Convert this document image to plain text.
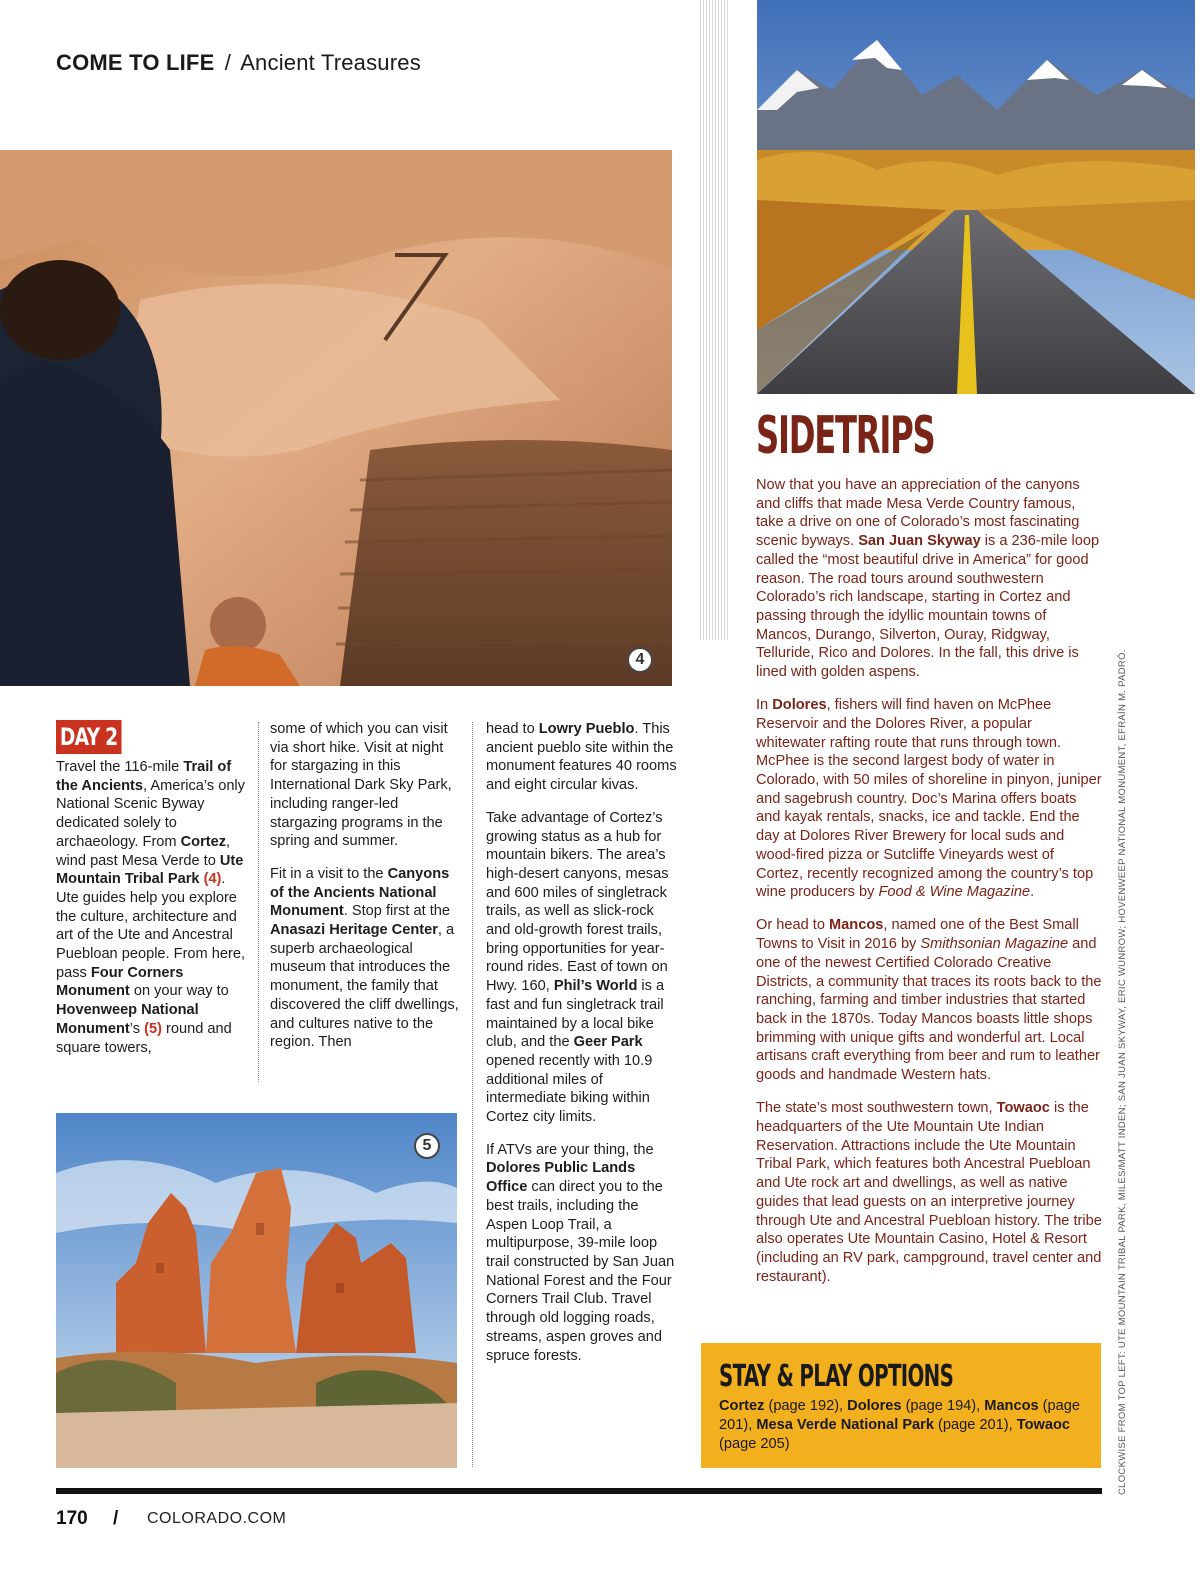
COME TO LIFE / Ancient Treasures
4
DAY 2

Travel the 116-mile Trail of the Ancients, America’s only National Scenic Byway dedicated solely to archaeology. From Cortez, wind past Mesa Verde to Ute Mountain Tribal Park (4). Ute guides help you explore the culture, architecture and art of the Ute and Ancestral Puebloan people. From here, pass Four Corners Monument on your way to Hovenweep National Monument’s (5) round and square towers,

some of which you can visit via short hike. Visit at night for stargazing in this International Dark Sky Park, including ranger-led stargazing programs in the spring and summer.

Fit in a visit to the Canyons of the Ancients National Monument. Stop first at the Anasazi Heritage Center, a superb archaeological museum that introduces the monument, the family that discovered the cliff dwellings, and cultures native to the region. Then

head to Lowry Pueblo. This ancient pueblo site within the monument features 40 rooms and eight circular kivas.

Take advantage of Cortez’s growing status as a hub for mountain bikers. The area’s high-desert canyons, mesas and 600 miles of singletrack trails, as well as slick-rock and old-growth forest trails, bring opportunities for year-round rides. East of town on Hwy. 160, Phil’s World is a fast and fun singletrack trail maintained by a local bike club, and the Geer Park opened recently with 10.9 additional miles of intermediate biking within Cortez city limits.

If ATVs are your thing, the Dolores Public Lands Office can direct you to the best trails, including the Aspen Loop Trail, a multipurpose, 39-mile loop trail constructed by San Juan National Forest and the Four Corners Trail Club. Travel through old logging roads, streams, aspen groves and spruce forests.

5
SIDETRIPS

Now that you have an appreciation of the canyons and cliffs that made Mesa Verde Country famous, take a drive on one of Colorado’s most fascinating scenic byways. San Juan Skyway is a 236-mile loop called the “most beautiful drive in America” for good reason. The road tours around southwestern Colorado’s rich landscape, starting in Cortez and passing through the idyllic mountain towns of Mancos, Durango, Silverton, Ouray, Ridgway, Telluride, Rico and Dolores. In the fall, this drive is lined with golden aspens.

In Dolores, fishers will find haven on McPhee Reservoir and the Dolores River, a popular whitewater rafting route that runs through town. McPhee is the second largest body of water in Colorado, with 50 miles of shoreline in pinyon, juniper and sagebrush country. Doc’s Marina offers boats and kayak rentals, snacks, ice and tackle. End the day at Dolores River Brewery for local suds and wood-fired pizza or Sutcliffe Vineyards west of Cortez, recently recognized among the country’s top wine producers by Food & Wine Magazine.

Or head to Mancos, named one of the Best Small Towns to Visit in 2016 by Smithsonian Magazine and one of the newest Certified Colorado Creative Districts, a community that traces its roots back to the ranching, farming and timber industries that started back in the 1870s. Today Mancos boasts little shops brimming with unique gifts and wonderful art. Local artisans craft everything from beer and rum to leather goods and handmade Western hats.

The state’s most southwestern town, Towaoc is the headquarters of the Ute Mountain Ute Indian Reservation. Attractions include the Ute Mountain Tribal Park, which features both Ancestral Puebloan and Ute rock art and dwellings, as well as native guides that lead guests on an interpretive journey through Ute and Ancestral Puebloan history. The tribe also operates Ute Mountain Casino, Hotel & Resort (including an RV park, campground, travel center and restaurant).

STAY & PLAY OPTIONS
Cortez (page 192), Dolores (page 194), Mancos (page 201), Mesa Verde National Park (page 201), Towaoc (page 205)	CLOCKWISE FROM TOP LEFT: UTE MOUNTAIN TRIBAL PARK, MILES/MATT INDEN; SAN JUAN SKYWAY, ERIC WUNROW; HOVENWEEP NATIONAL MONUMENT, EFRAÍN M. PADRÓ.
170 / COLORADO.COM
